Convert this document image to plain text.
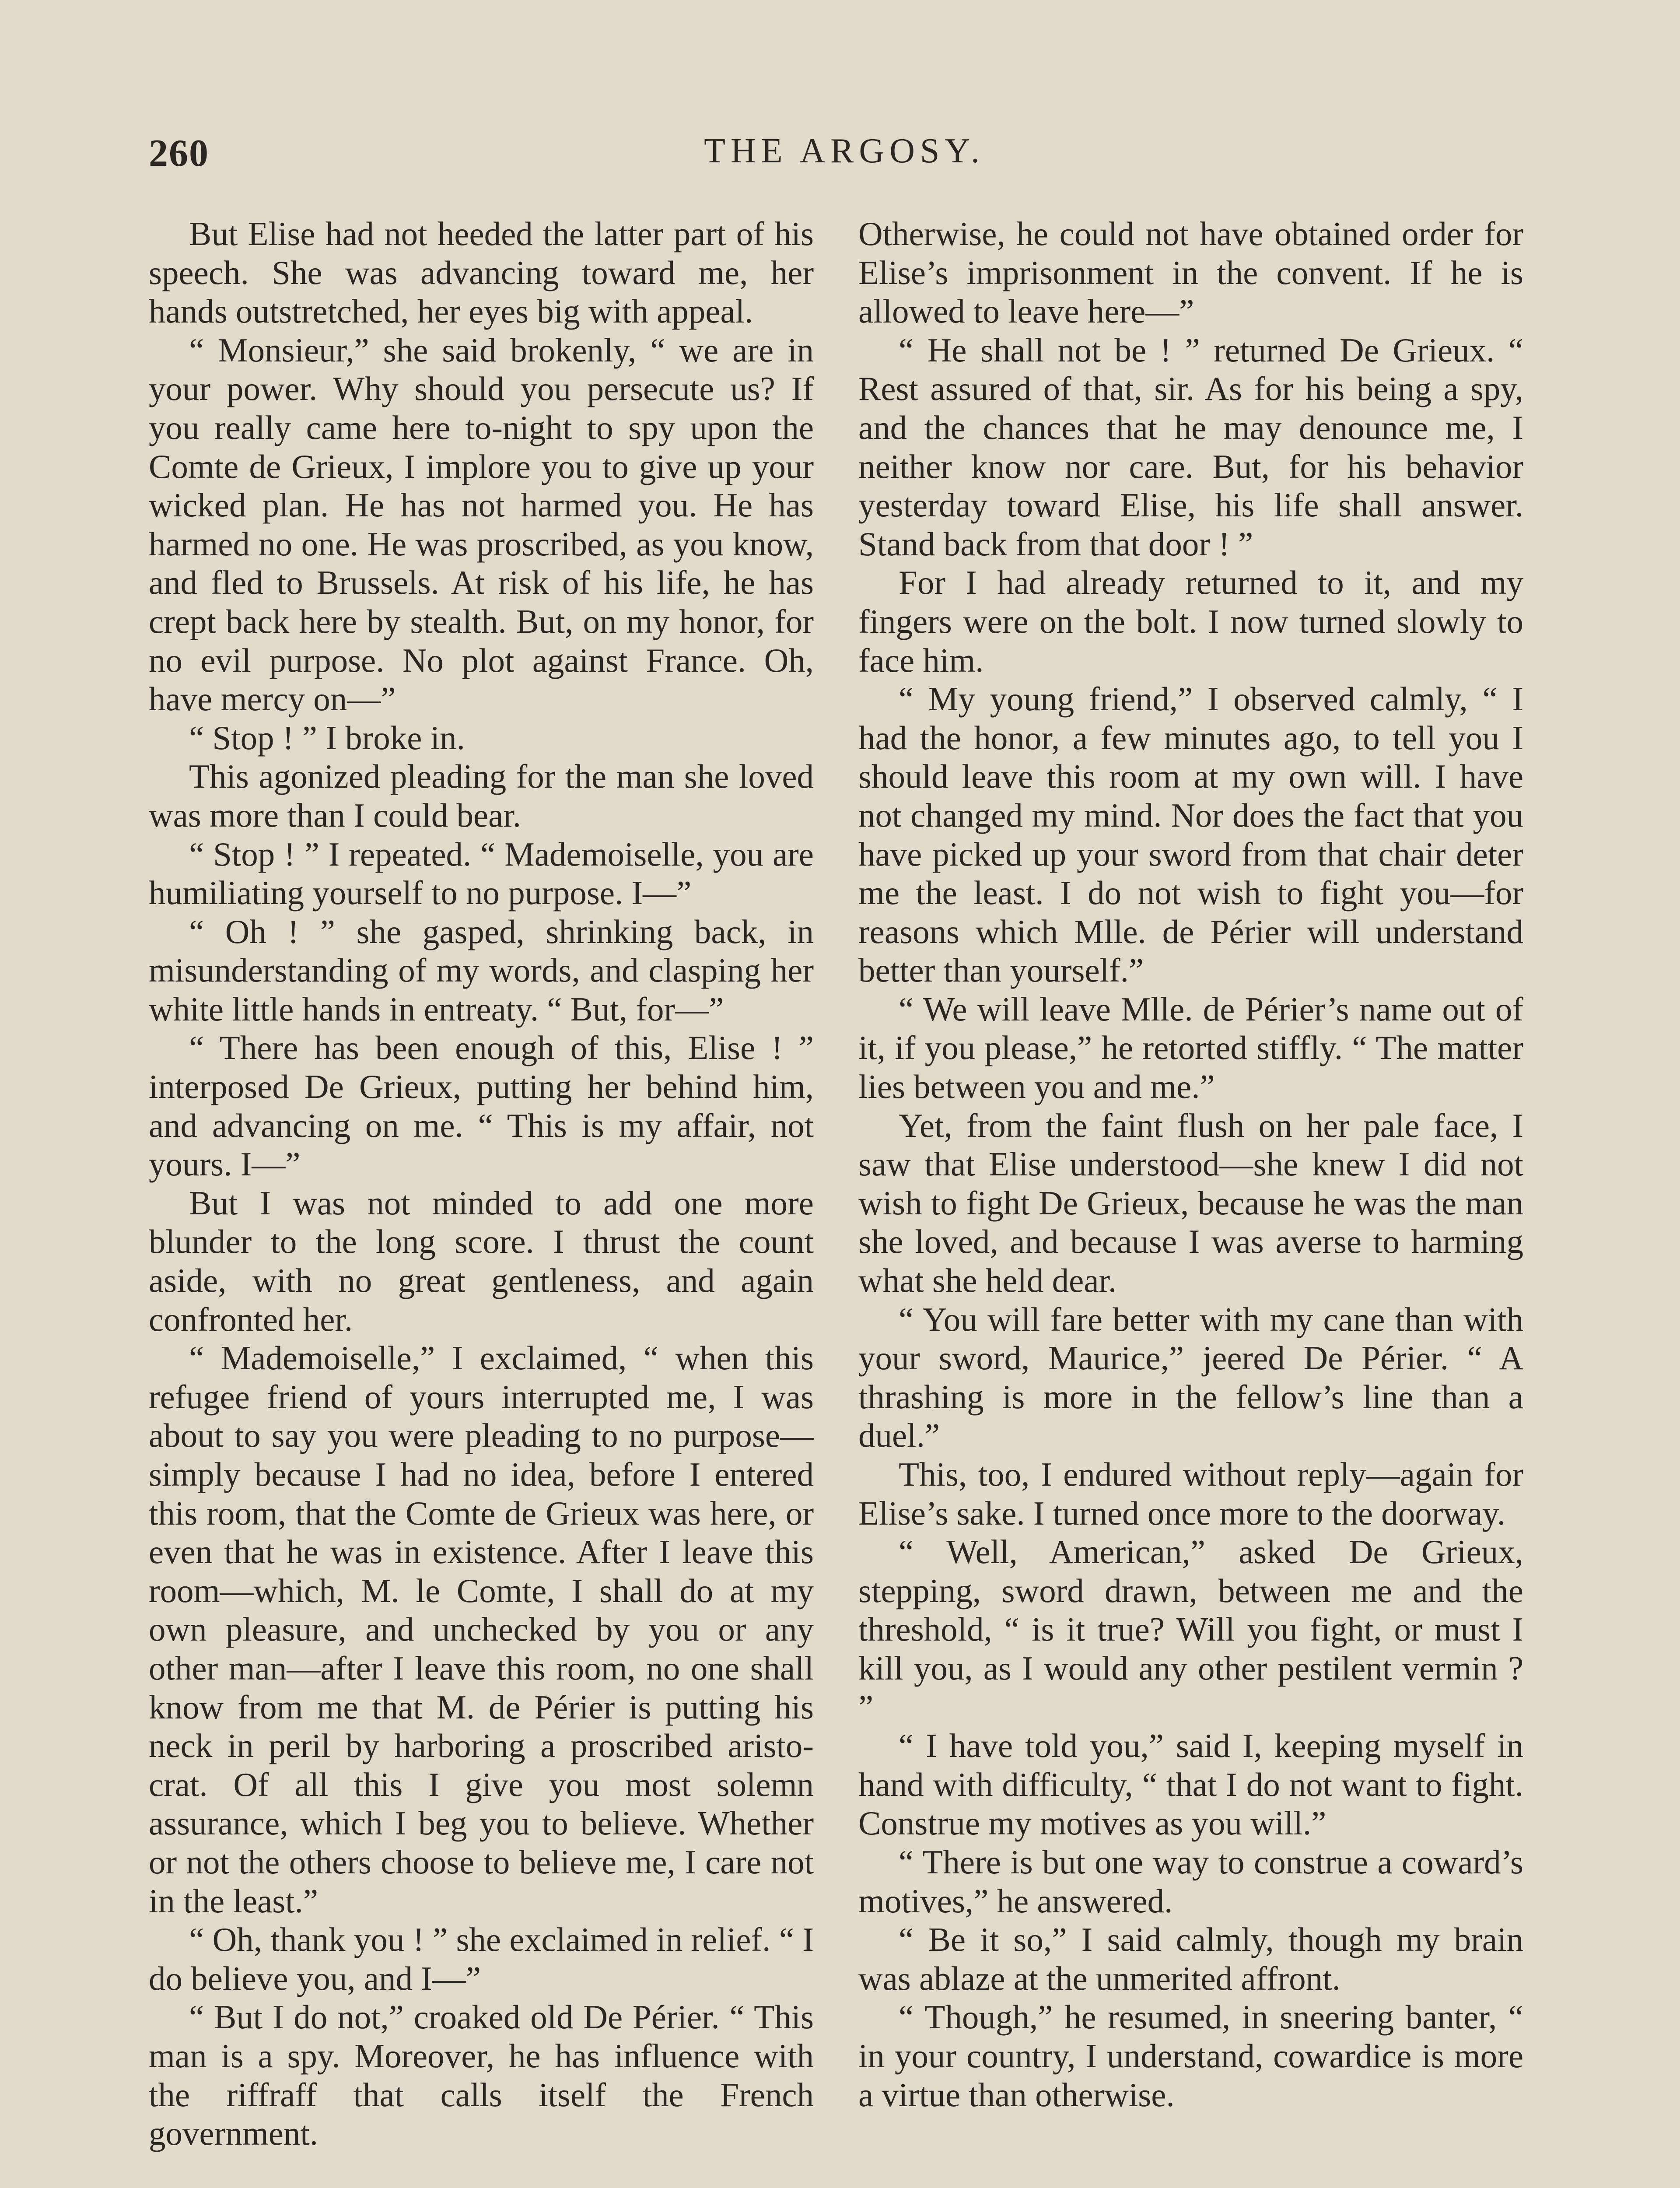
260	THE ARGOSY.

But Elise had not heeded the latter part of his speech. She was advancing toward me, her hands outstretched, her eyes big with appeal.

“ Monsieur,” she said brokenly, “ we are in your power. Why should you persecute us? If you really came here to-night to spy upon the Comte de Grieux, I implore you to give up your wicked plan. He has not harmed you. He has harmed no one. He was proscribed, as you know, and fled to Brussels. At risk of his life, he has crept back here by stealth. But, on my honor, for no evil purpose. No plot against France. Oh, have mercy on—”

“ Stop ! ” I broke in.

This agonized pleading for the man she loved was more than I could bear.

“ Stop ! ” I repeated. “ Mademoiselle, you are humiliating yourself to no purpose. I—”

“ Oh ! ” she gasped, shrinking back, in misunderstanding of my words, and clasping her white little hands in entreaty. “ But, for—”

“ There has been enough of this, Elise ! ” interposed De Grieux, putting her behind him, and advancing on me. “ This is my affair, not yours. I—”

But I was not minded to add one more blunder to the long score. I thrust the count aside, with no great gentleness, and again confronted her.

“ Mademoiselle,” I exclaimed, “ when this refugee friend of yours interrupted me, I was about to say you were pleading to no purpose—simply because I had no idea, before I entered this room, that the Comte de Grieux was here, or even that he was in existence. After I leave this room—which, M. le Comte, I shall do at my own pleasure, and unchecked by you or any other man—after I leave this room, no one shall know from me that M. de Périer is putting his neck in peril by harboring a proscribed aristocrat. Of all this I give you most solemn assurance, which I beg you to believe. Whether or not the others choose to believe me, I care not in the least.”

“ Oh, thank you ! ” she exclaimed in relief. “ I do believe you, and I—”

“ But I do not,” croaked old De Périer. “ This man is a spy. Moreover, he has influence with the riffraff that calls itself the French government.

Otherwise, he could not have obtained order for Elise’s imprisonment in the convent. If he is allowed to leave here—”

“ He shall not be ! ” returned De Grieux. “ Rest assured of that, sir. As for his being a spy, and the chances that he may denounce me, I neither know nor care. But, for his behavior yesterday toward Elise, his life shall answer. Stand back from that door ! ”

For I had already returned to it, and my fingers were on the bolt. I now turned slowly to face him.

“ My young friend,” I observed calmly, “ I had the honor, a few minutes ago, to tell you I should leave this room at my own will. I have not changed my mind. Nor does the fact that you have picked up your sword from that chair deter me the least. I do not wish to fight you—for reasons which Mlle. de Périer will understand better than yourself.”

“ We will leave Mlle. de Périer’s name out of it, if you please,” he retorted stiffly. “ The matter lies between you and me.”

Yet, from the faint flush on her pale face, I saw that Elise understood—she knew I did not wish to fight De Grieux, because he was the man she loved, and because I was averse to harming what she held dear.

“ You will fare better with my cane than with your sword, Maurice,” jeered De Périer. “ A thrashing is more in the fellow’s line than a duel.”

This, too, I endured without reply—again for Elise’s sake. I turned once more to the doorway.

“ Well, American,” asked De Grieux, stepping, sword drawn, between me and the threshold, “ is it true? Will you fight, or must I kill you, as I would any other pestilent vermin ? ”

“ I have told you,” said I, keeping myself in hand with difficulty, “ that I do not want to fight. Construe my motives as you will.”

“ There is but one way to construe a coward’s motives,” he answered.

“ Be it so,” I said calmly, though my brain was ablaze at the unmerited affront.

“ Though,” he resumed, in sneering banter, “ in your country, I understand, cowardice is more a virtue than otherwise.
